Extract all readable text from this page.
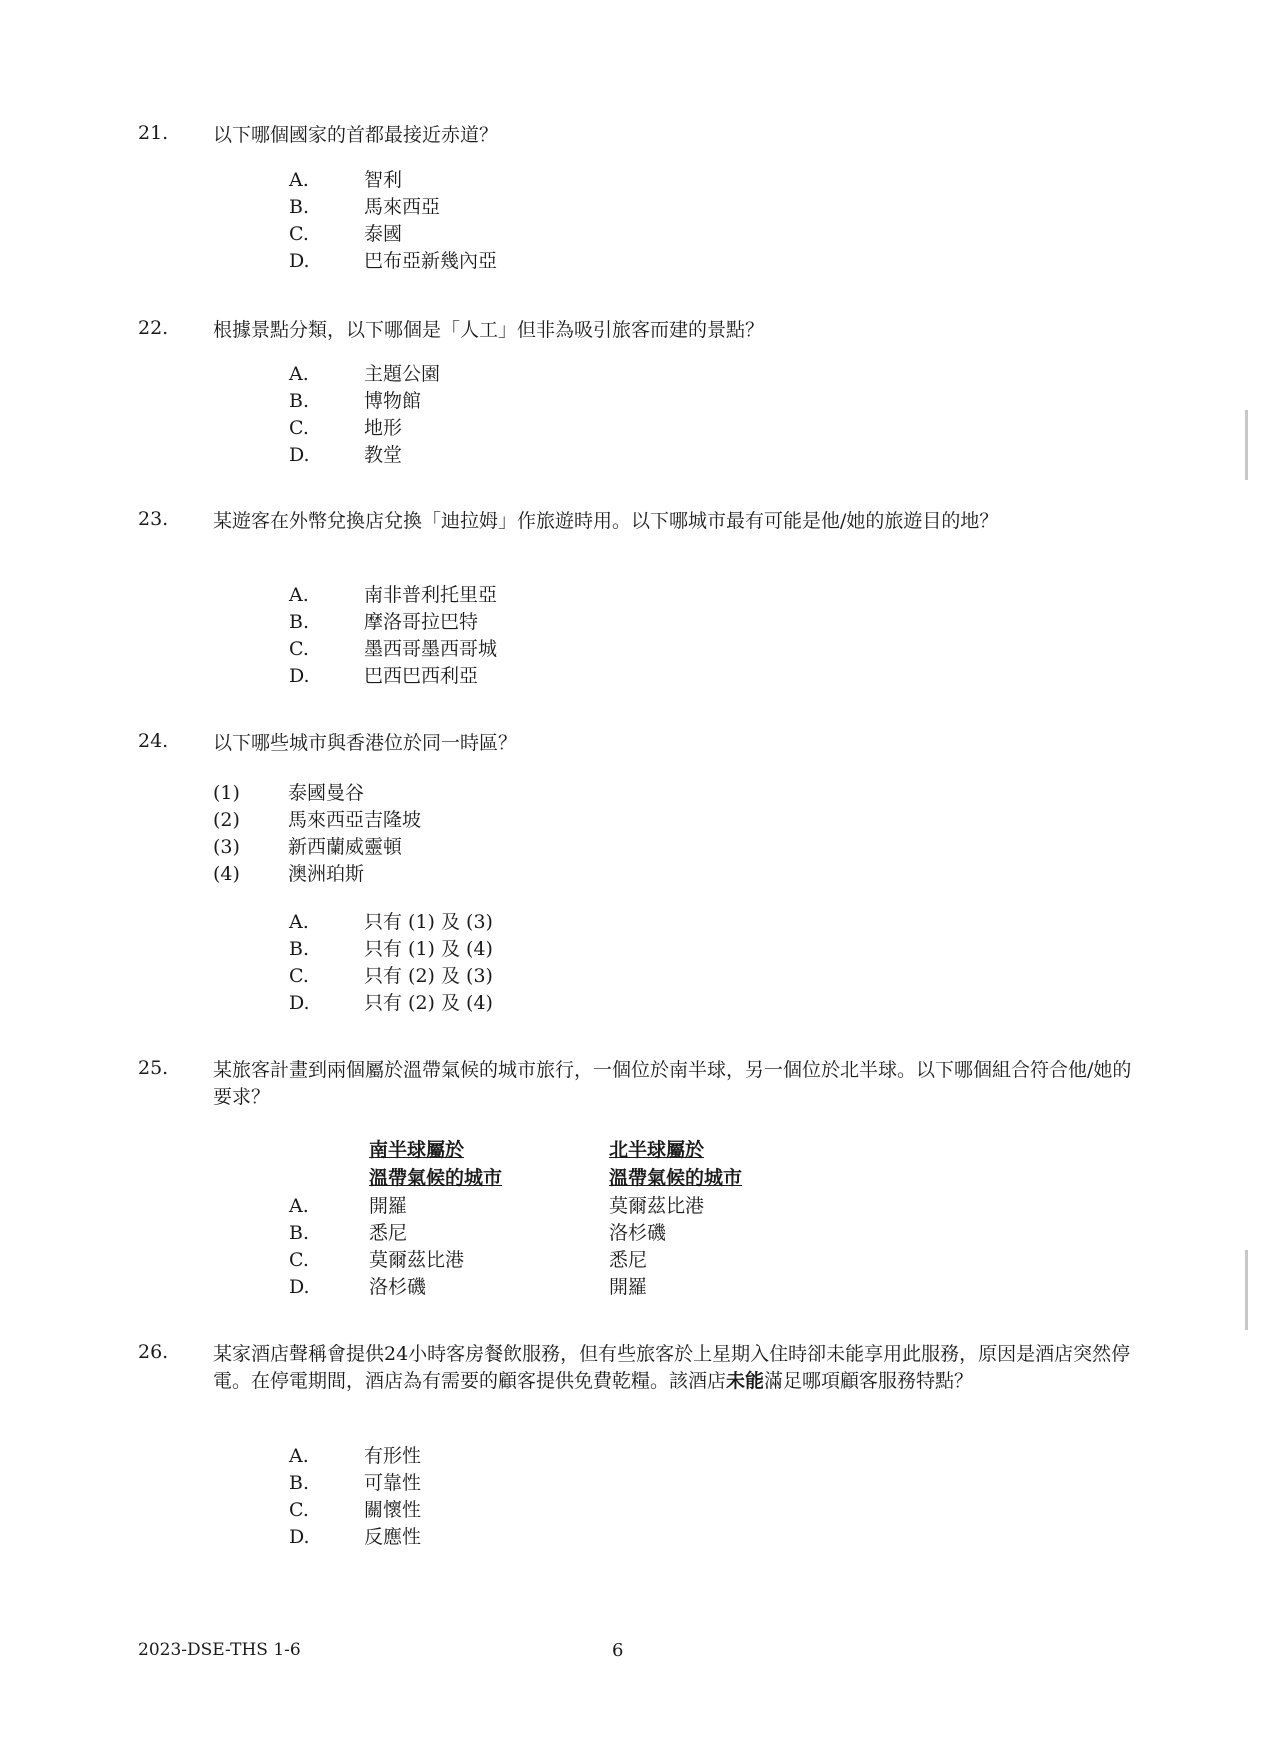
21.	以下哪個國家的首都最接近赤道？
A.	智利
B.	馬來西亞
C.	泰國
D.	巴布亞新幾內亞
22.	根據景點分類，以下哪個是「人工」但非為吸引旅客而建的景點？
A.	主題公園
B.	博物館
C.	地形
D.	教堂
23.	某遊客在外幣兌換店兌換「迪拉姆」作旅遊時用。以下哪城市最有可能是他/她的旅遊目的地？
A.	南非普利托里亞
B.	摩洛哥拉巴特
C.	墨西哥墨西哥城
D.	巴西巴西利亞
24.	以下哪些城市與香港位於同一時區？
(1)	泰國曼谷
(2)	馬來西亞吉隆坡
(3)	新西蘭威靈頓
(4)	澳洲珀斯
A.	只有 (1) 及 (3)
B.	只有 (1) 及 (4)
C.	只有 (2) 及 (3)
D.	只有 (2) 及 (4)
25.	某旅客計畫到兩個屬於溫帶氣候的城市旅行，一個位於南半球，另一個位於北半球。以下哪個組合符合他/她的要求？
南半球屬於
溫帶氣候的城市
北半球屬於
溫帶氣候的城市
A.	開羅	莫爾茲比港
B.	悉尼	洛杉磯
C.	莫爾茲比港	悉尼
D.	洛杉磯	開羅
26.	某家酒店聲稱會提供24小時客房餐飲服務，但有些旅客於上星期入住時卻未能享用此服務，原因是酒店突然停電。在停電期間，酒店為有需要的顧客提供免費乾糧。該酒店未能滿足哪項顧客服務特點？
A.	有形性
B.	可靠性
C.	關懷性
D.	反應性
2023-DSE-THS 1-6	6
